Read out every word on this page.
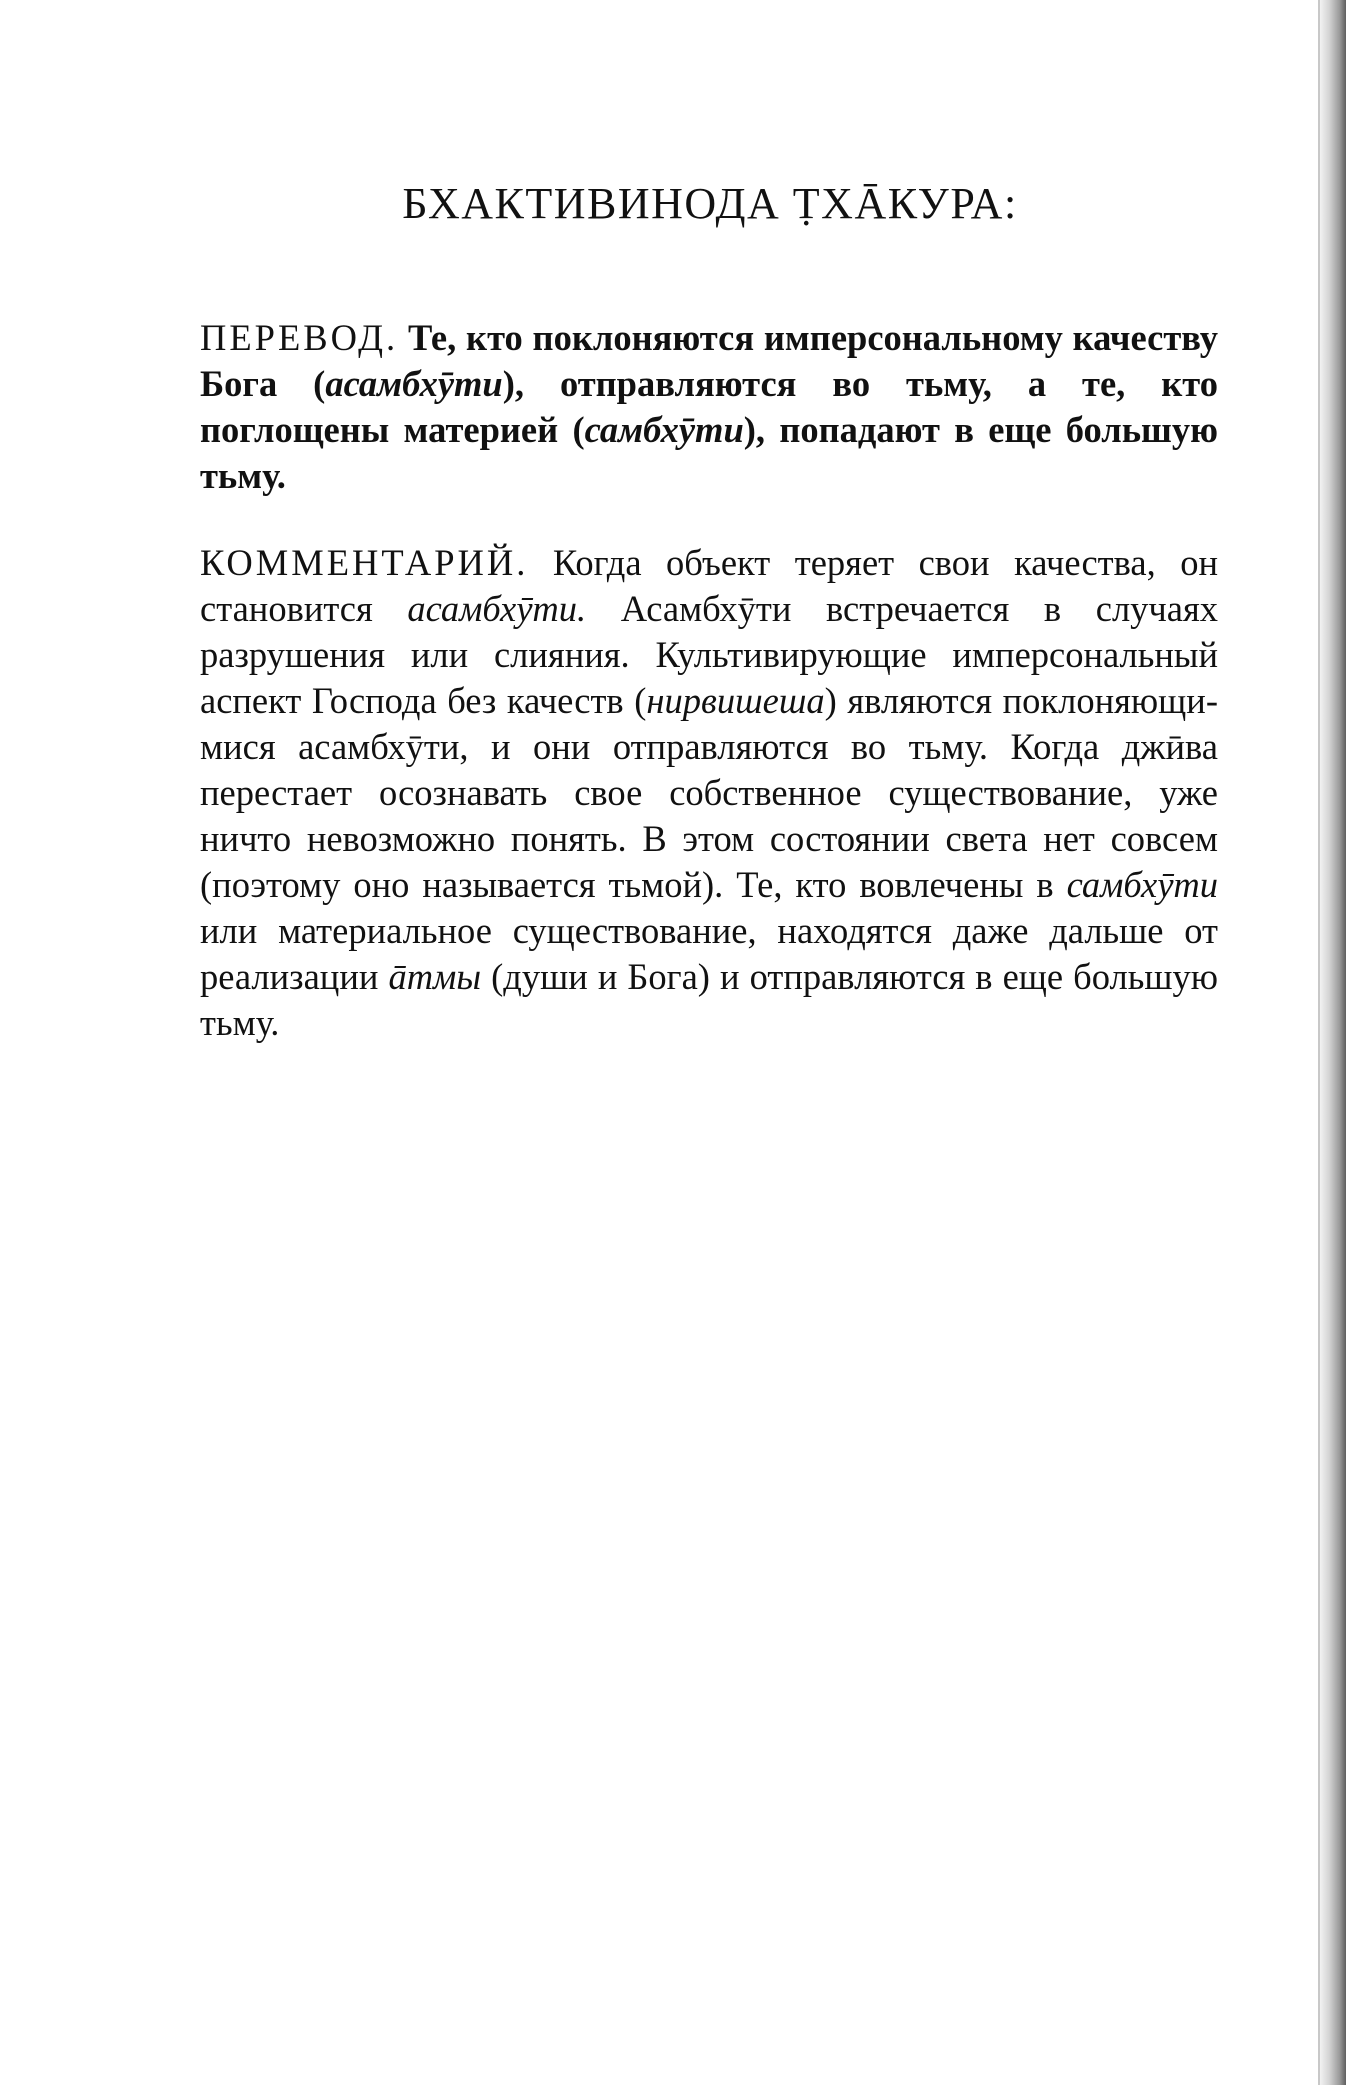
БХАКТИВИНОДА ṬХĀКУРА:

ПЕРЕВОД. Те, кто поклоняются имперсональному качеству Бога (асамбхӯти), отправляются во тьму, а те, кто поглощены материей (самбхӯти), попадают в еще большую тьму.

КОММЕНТАРИЙ. Когда объект теряет свои качества, он становится асамбхӯти. Асамбхӯти встречается в случаях разрушения или слияния. Культивирующие имперсональный аспект Господа без качеств (нирвишеша) являются поклоняющимися асамбхӯти, и они отправляются во тьму. Когда джӣва перестает осознавать свое собственное существование, уже ничто невозможно понять. В этом состоянии света нет совсем (поэтому оно называется тьмой). Те, кто вовлечены в самбхӯти или материальное существование, находятся даже дальше от реализации āтмы (души и Бога) и отправляются в еще большую тьму.
